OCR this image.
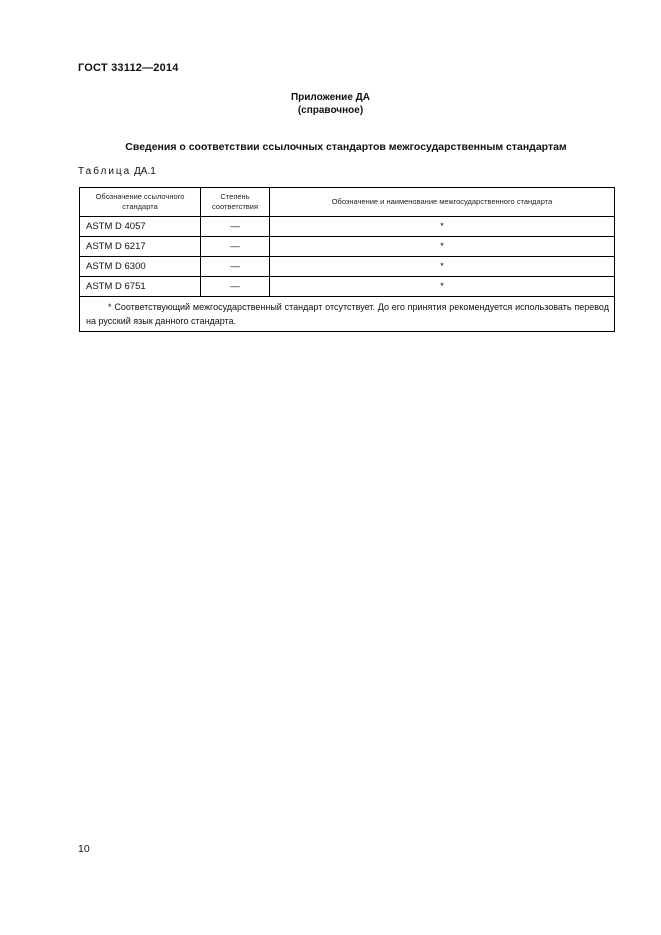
ГОСТ 33112—2014
Приложение ДА
(справочное)
Сведения о соответствии ссылочных стандартов межгосударственным стандартам
Таблица ДА.1
Обозначение ссылочного стандарта	Степень соответствия	Обозначение и наименование межгосударственного стандарта
ASTM D 4057	—	*
ASTM D 6217	—	*
ASTM D 6300	—	*
ASTM D 6751	—	*
* Соответствующий межгосударственный стандарт отсутствует. До его принятия рекомендуется использовать перевод на русский язык данного стандарта.		
10
